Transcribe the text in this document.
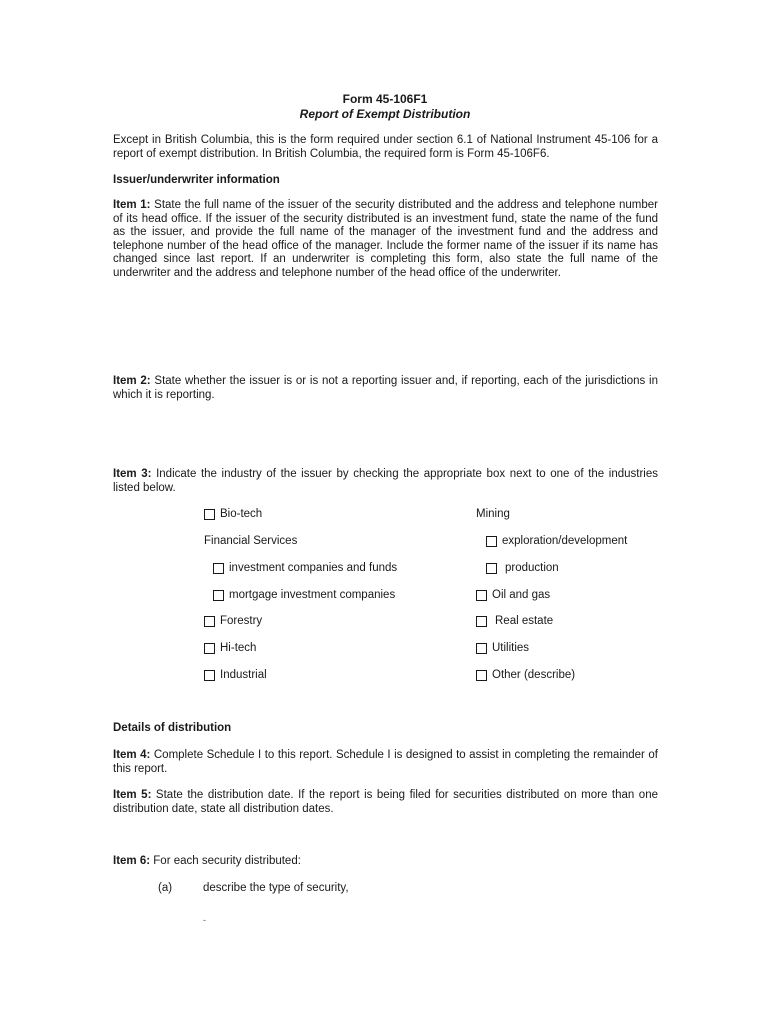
Form 45-106F1
Report of Exempt Distribution
Except in British Columbia, this is the form required under section 6.1 of National Instrument 45-106 for a report of exempt distribution. In British Columbia, the required form is Form 45-106F6.
Issuer/underwriter information
Item 1: State the full name of the issuer of the security distributed and the address and telephone number of its head office. If the issuer of the security distributed is an investment fund, state the name of the fund as the issuer, and provide the full name of the manager of the investment fund and the address and telephone number of the head office of the manager. Include the former name of the issuer if its name has changed since last report. If an underwriter is completing this form, also state the full name of the underwriter and the address and telephone number of the head office of the underwriter.
Item 2: State whether the issuer is or is not a reporting issuer and, if reporting, each of the jurisdictions in which it is reporting.
Item 3: Indicate the industry of the issuer by checking the appropriate box next to one of the industries listed below.
Bio-tech
Financial Services
investment companies and funds
mortgage investment companies
Forestry
Hi-tech
Industrial
Mining
exploration/development
production
Oil and gas
Real estate
Utilities
Other (describe)
Details of distribution
Item 4: Complete Schedule I to this report. Schedule I is designed to assist in completing the remainder of this report.
Item 5: State the distribution date. If the report is being filed for securities distributed on more than one distribution date, state all distribution dates.
Item 6: For each security distributed:
(a)	describe the type of security,
-
